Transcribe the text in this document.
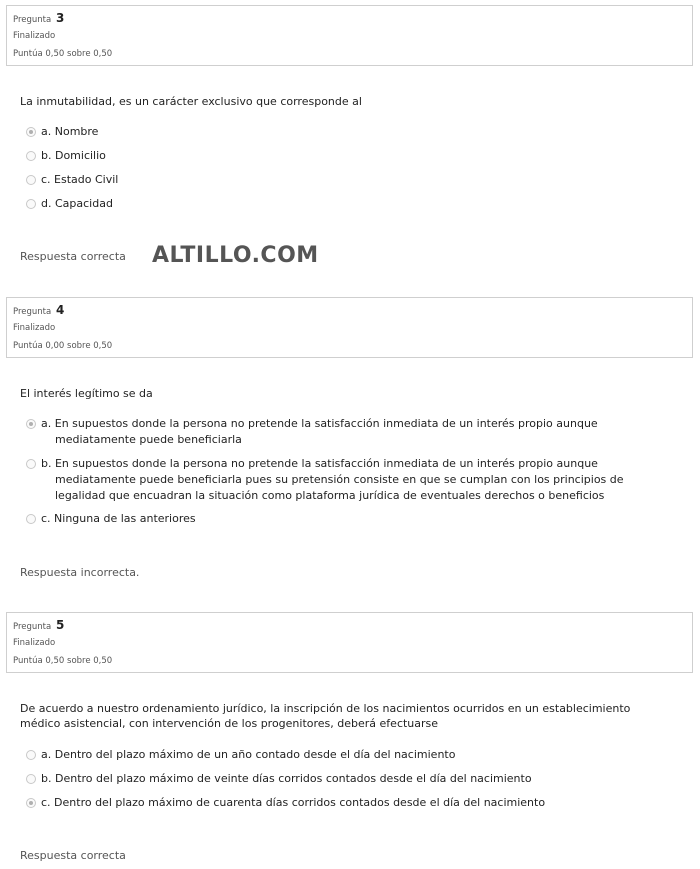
Pregunta 3
Finalizado
Puntúa 0,50 sobre 0,50
La inmutabilidad, es un carácter exclusivo que corresponde al
a. Nombre
b. Domicilio
c. Estado Civil
d. Capacidad
Respuesta correcta ALTILLO.COM
Pregunta 4
Finalizado
Puntúa 0,00 sobre 0,50
El interés legítimo se da
a. En supuestos donde la persona no pretende la satisfacción inmediata de un interés propio aunque mediatamente puede beneficiarla
b. En supuestos donde la persona no pretende la satisfacción inmediata de un interés propio aunque mediatamente puede beneficiarla pues su pretensión consiste en que se cumplan con los principios de legalidad que encuadran la situación como plataforma jurídica de eventuales derechos o beneficios
c. Ninguna de las anteriores
Respuesta incorrecta.
Pregunta 5
Finalizado
Puntúa 0,50 sobre 0,50
De acuerdo a nuestro ordenamiento jurídico, la inscripción de los nacimientos ocurridos en un establecimiento médico asistencial, con intervención de los progenitores, deberá efectuarse
a. Dentro del plazo máximo de un año contado desde el día del nacimiento
b. Dentro del plazo máximo de veinte días corridos contados desde el día del nacimiento
c. Dentro del plazo máximo de cuarenta días corridos contados desde el día del nacimiento
Respuesta correcta
